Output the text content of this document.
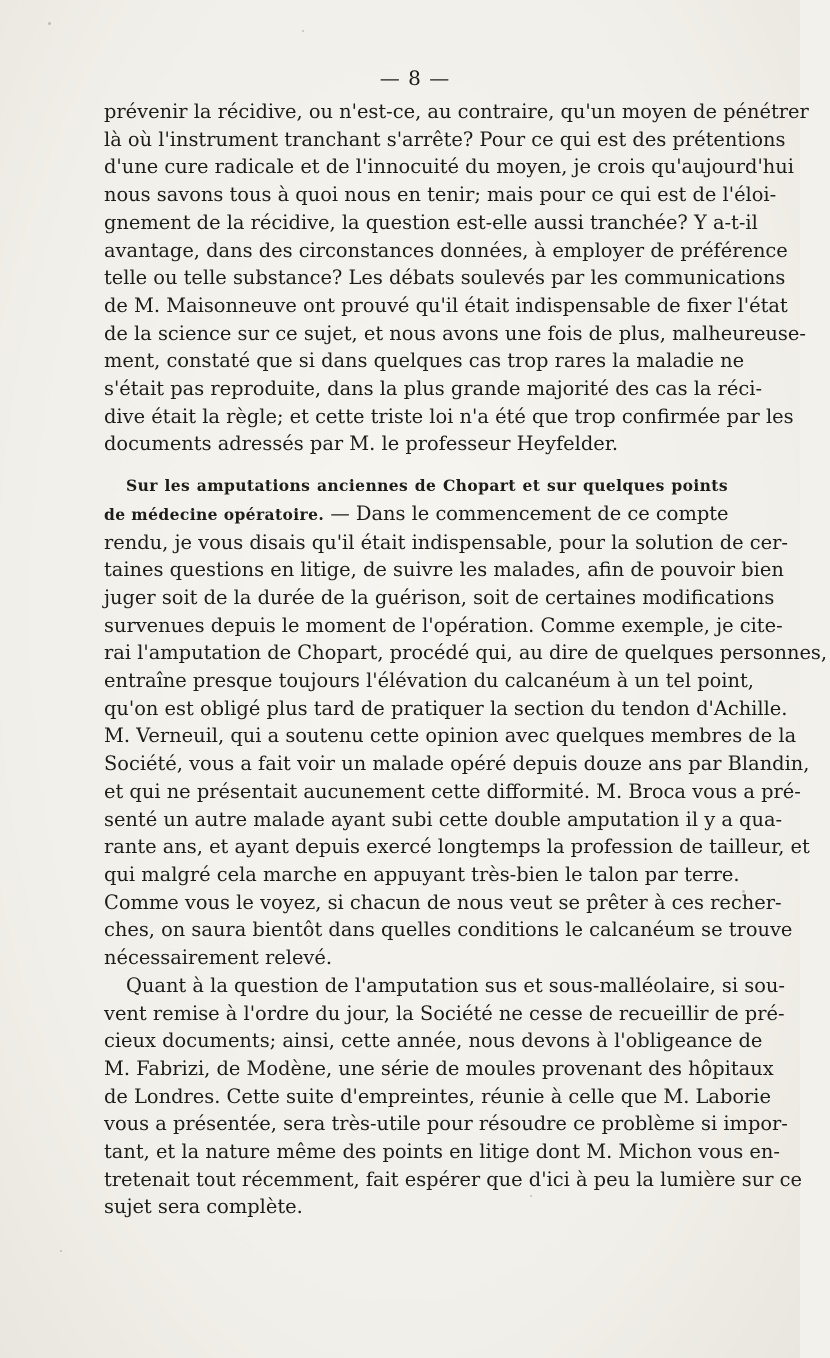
— 8 —
prévenir la récidive, ou n'est-ce, au contraire, qu'un moyen de pénétrer
là où l'instrument tranchant s'arrête? Pour ce qui est des prétentions
d'une cure radicale et de l'innocuité du moyen, je crois qu'aujourd'hui
nous savons tous à quoi nous en tenir; mais pour ce qui est de l'éloi-
gnement de la récidive, la question est-elle aussi tranchée? Y a-t-il
avantage, dans des circonstances données, à employer de préférence
telle ou telle substance? Les débats soulevés par les communications
de M. Maisonneuve ont prouvé qu'il était indispensable de fixer l'état
de la science sur ce sujet, et nous avons une fois de plus, malheureuse-
ment, constaté que si dans quelques cas trop rares la maladie ne
s'était pas reproduite, dans la plus grande majorité des cas la réci-
dive était la règle; et cette triste loi n'a été que trop confirmée par les
documents adressés par M. le professeur Heyfelder.
Sur les amputations anciennes de Chopart et sur quelques points
de médecine opératoire. — Dans le commencement de ce compte
rendu, je vous disais qu'il était indispensable, pour la solution de cer-
taines questions en litige, de suivre les malades, afin de pouvoir bien
juger soit de la durée de la guérison, soit de certaines modifications
survenues depuis le moment de l'opération. Comme exemple, je cite-
rai l'amputation de Chopart, procédé qui, au dire de quelques personnes,
entraîne presque toujours l'élévation du calcanéum à un tel point,
qu'on est obligé plus tard de pratiquer la section du tendon d'Achille.
M. Verneuil, qui a soutenu cette opinion avec quelques membres de la
Société, vous a fait voir un malade opéré depuis douze ans par Blandin,
et qui ne présentait aucunement cette difformité. M. Broca vous a pré-
senté un autre malade ayant subi cette double amputation il y a qua-
rante ans, et ayant depuis exercé longtemps la profession de tailleur, et
qui malgré cela marche en appuyant très-bien le talon par terre.
Comme vous le voyez, si chacun de nous veut se prêter à ces recher-
ches, on saura bientôt dans quelles conditions le calcanéum se trouve
nécessairement relevé.
Quant à la question de l'amputation sus et sous-malléolaire, si sou-
vent remise à l'ordre du jour, la Société ne cesse de recueillir de pré-
cieux documents; ainsi, cette année, nous devons à l'obligeance de
M. Fabrizi, de Modène, une série de moules provenant des hôpitaux
de Londres. Cette suite d'empreintes, réunie à celle que M. Laborie
vous a présentée, sera très-utile pour résoudre ce problème si impor-
tant, et la nature même des points en litige dont M. Michon vous en-
tretenait tout récemment, fait espérer que d'ici à peu la lumière sur ce
sujet sera complète.
